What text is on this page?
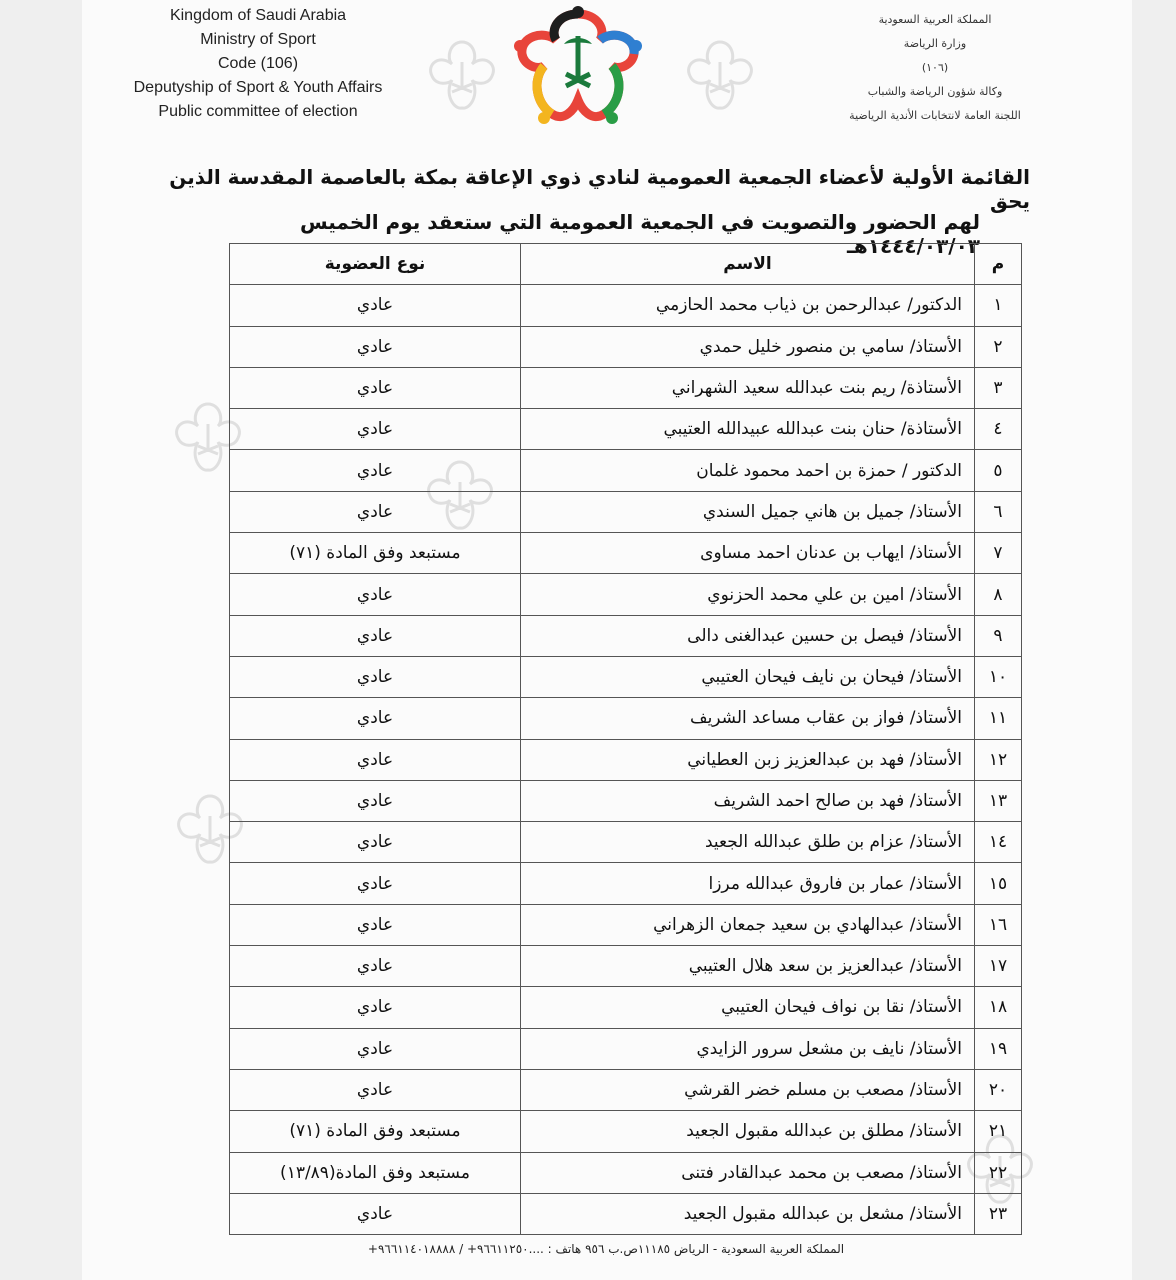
Kingdom of Saudi Arabia
Ministry of Sport
Code (106)
Deputyship of Sport & Youth Affairs
Public committee of election
المملكة العربية السعودية
وزارة الرياضة
(١٠٦)
وكالة شؤون الرياضة والشباب
اللجنة العامة لانتخابات الأندية الرياضية
القائمة الأولية لأعضاء الجمعية العمومية لنادي ذوي الإعاقة بمكة بالعاصمة المقدسة الذين يحق
لهم الحضور والتصويت في الجمعية العمومية التي ستعقد يوم الخميس ١٤٤٤/٠٣/٠٣هـ
م	الاسم	نوع العضوية
١	الدكتور/ عبدالرحمن بن ذياب محمد الحازمي	عادي
٢	الأستاذ/ سامي بن منصور خليل حمدي	عادي
٣	الأستاذة/ ريم بنت عبدالله سعيد الشهراني	عادي
٤	الأستاذة/ حنان بنت عبدالله عبيدالله العتيبي	عادي
٥	الدكتور / حمزة بن احمد محمود غلمان	عادي
٦	الأستاذ/ جميل بن هاني جميل السندي	عادي
٧	الأستاذ/ ايهاب بن عدنان احمد مساوى	مستبعد وفق المادة (٧١)
٨	الأستاذ/ امين بن علي محمد الحزنوي	عادي
٩	الأستاذ/ فيصل بن حسين عبدالغنى دالى	عادي
١٠	الأستاذ/ فيحان بن نايف فيحان العتيبي	عادي
١١	الأستاذ/ فواز بن عقاب مساعد الشريف	عادي
١٢	الأستاذ/ فهد بن عبدالعزيز زبن العطياني	عادي
١٣	الأستاذ/ فهد بن صالح احمد الشريف	عادي
١٤	الأستاذ/ عزام بن طلق عبدالله الجعيد	عادي
١٥	الأستاذ/ عمار بن فاروق عبدالله مرزا	عادي
١٦	الأستاذ/ عبدالهادي بن سعيد جمعان الزهراني	عادي
١٧	الأستاذ/ عبدالعزيز بن سعد هلال العتيبي	عادي
١٨	الأستاذ/ نقا بن نواف فيحان العتيبي	عادي
١٩	الأستاذ/ نايف بن مشعل سرور الزايدي	عادي
٢٠	الأستاذ/ مصعب بن مسلم خضر القرشي	عادي
٢١	الأستاذ/ مطلق بن عبدالله مقبول الجعيد	مستبعد وفق المادة (٧١)
٢٢	الأستاذ/ مصعب بن محمد عبدالقادر فتنى	مستبعد وفق المادة(١٣/٨٩)
٢٣	الأستاذ/ مشعل بن عبدالله مقبول الجعيد	عادي
المملكة العربية السعودية - الرياض ١١١٨٥ص.ب ٩٥٦ هاتف : ....٩٦٦١١٢٥٠+ / ٩٦٦١١٤٠١٨٨٨٨+
